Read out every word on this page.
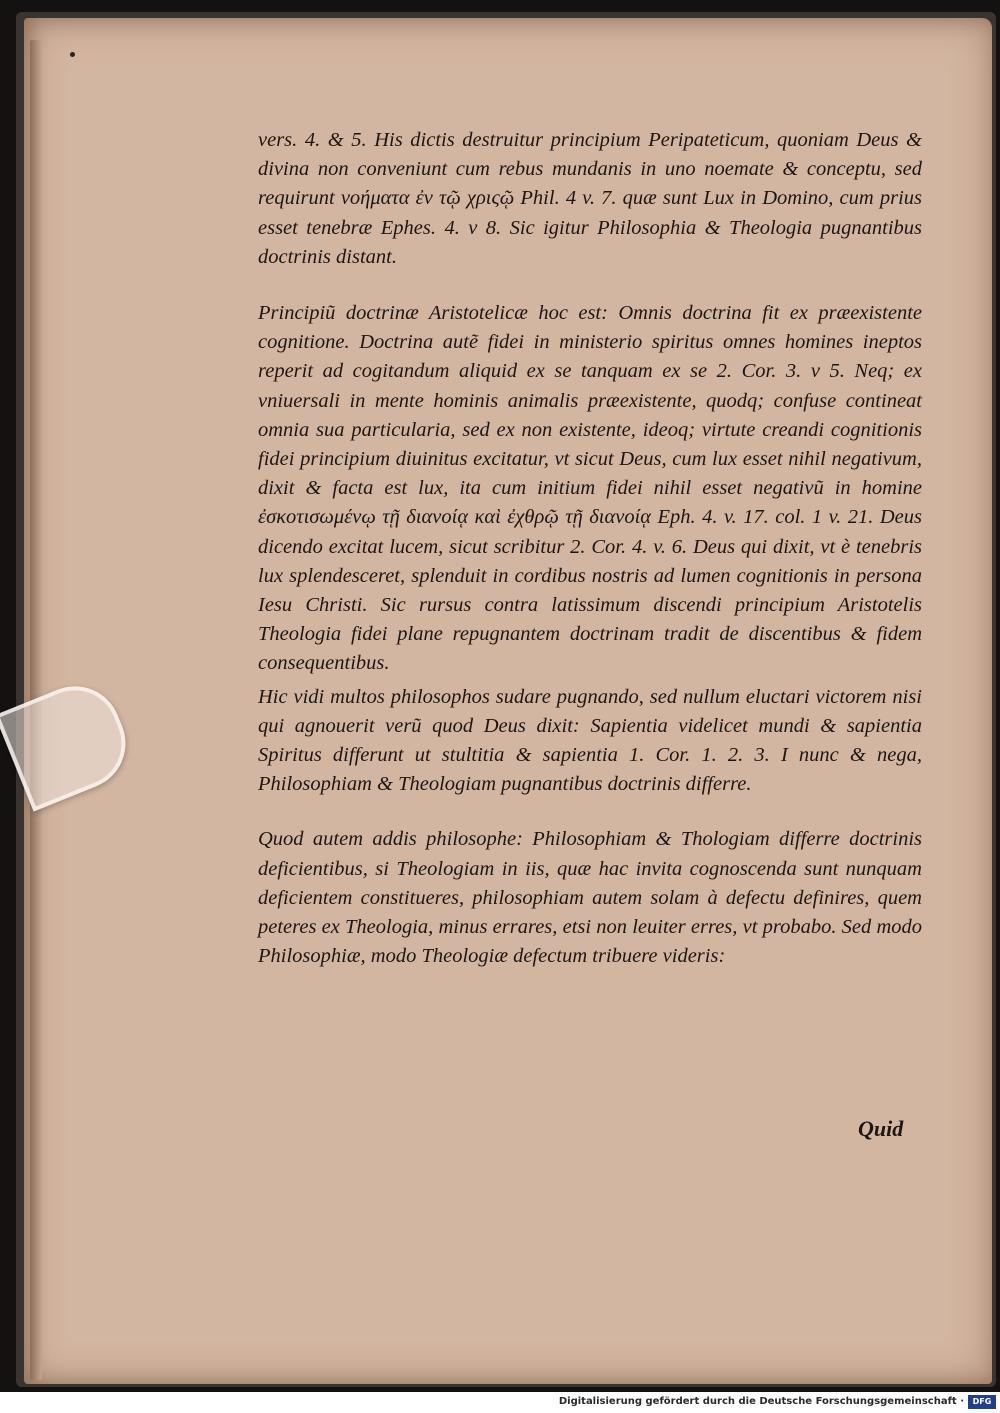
vers. 4. & 5. His dictis destruitur principium Peripateticum, quoniam Deus & divina non conveniunt cum rebus mundanis in uno noemate & conceptu, sed requirunt νοήματα ἐν τῷ χριςῷ Phil. 4 v. 7. quæ sunt Lux in Domino, cum prius esset tenebræ Ephes. 4. v 8. Sic igitur Philosophia & Theologia pugnantibus doctrinis distant.

Principiũ doctrinæ Aristotelicæ hoc est: Omnis doctrina fit ex præexistente cognitione. Doctrina autẽ fidei in ministerio spiritus omnes homines ineptos reperit ad cogitandum aliquid ex se tanquam ex se 2. Cor. 3. v 5. Neq; ex vniuersali in mente hominis animalis præexistente, quodq; confuse contineat omnia sua particularia, sed ex non existente, ideoq; virtute creandi cognitionis fidei principium diuinitus excitatur, vt sicut Deus, cum lux esset nihil negativum, dixit & facta est lux, ita cum initium fidei nihil esset negativũ in homine ἐσκοτισωμένῳ τῇ διανοίᾳ καὶ ἐχθρῷ τῇ διανοίᾳ Eph. 4. v. 17. col. 1 v. 21. Deus dicendo excitat lucem, sicut scribitur 2. Cor. 4. v. 6. Deus qui dixit, vt è tenebris lux splendesceret, splenduit in cordibus nostris ad lumen cognitionis in persona Iesu Christi. Sic rursus contra latissimum discendi principium Aristotelis Theologia fidei plane repugnantem doctrinam tradit de discentibus & fidem consequentibus.

Hic vidi multos philosophos sudare pugnando, sed nullum eluctari victorem nisi qui agnouerit verũ quod Deus dixit: Sapientia videlicet mundi & sapientia Spiritus differunt ut stultitia & sapientia 1. Cor. 1. 2. 3. I nunc & nega, Philosophiam & Theologiam pugnantibus doctrinis differre.

Quod autem addis philosophe: Philosophiam & Thologiam differre doctrinis deficientibus, si Theologiam in iis, quæ hac invita cognoscenda sunt nunquam deficientem constitueres, philosophiam autem solam à defectu definires, quem peteres ex Theologia, minus errares, etsi non leuiter erres, vt probabo. Sed modo Philosophiæ, modo Theologiæ defectum tribuere videris:

Quid
Digitalisierung gefördert durch die Deutsche Forschungsgemeinschaft ·	DFG
